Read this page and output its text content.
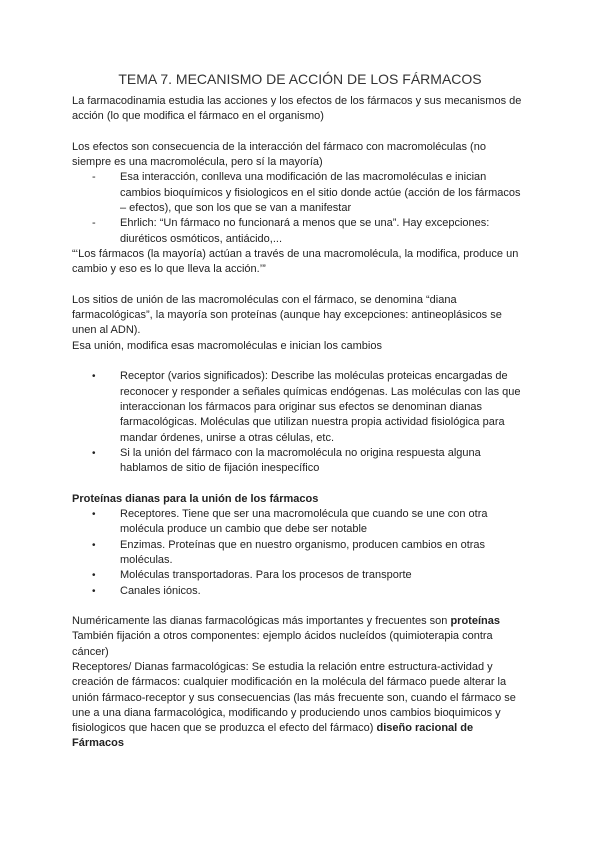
TEMA 7. MECANISMO DE ACCIÓN DE LOS FÁRMACOS

La farmacodinamia estudia las acciones y los efectos de los fármacos y sus mecanismos de acción (lo que modifica el fármaco en el organismo)

Los efectos son consecuencia de la interacción del fármaco con macromoléculas (no siempre es una macromolécula, pero sí la mayoría)

- Esa interacción, conlleva una modificación de las macromoléculas e inician cambios bioquímicos y fisiologicos en el sitio donde actúe (acción de los fármacos – efectos), que son los que se van a manifestar
- Ehrlich: “Un fármaco no funcionará a menos que se una”. Hay excepciones: diuréticos osmóticos, antiácido,...

“‘Los fármacos (la mayoría) actúan a través de una macromolécula, la modifica, produce un cambio y eso es lo que lleva la acción.’”

Los sitios de unión de las macromoléculas con el fármaco, se denomina “diana farmacológicas”, la mayoría son proteínas (aunque hay excepciones: antineoplásicos se unen al ADN).

Esa unión, modifica esas macromoléculas e inician los cambios

• Receptor (varios significados): Describe las moléculas proteicas encargadas de reconocer y responder a señales químicas endógenas. Las moléculas con las que interaccionan los fármacos para originar sus efectos se denominan dianas farmacológicas. Moléculas que utilizan nuestra propia actividad fisiológica para mandar órdenes, unirse a otras células, etc.
• Si la unión del fármaco con la macromolécula no origina respuesta alguna hablamos de sitio de fijación inespecífico

Proteínas dianas para la unión de los fármacos

• Receptores. Tiene que ser una macromolécula que cuando se une con otra molécula produce un cambio que debe ser notable
• Enzimas. Proteínas que en nuestro organismo, producen cambios en otras moléculas.
• Moléculas transportadoras. Para los procesos de transporte
• Canales iónicos.

Numéricamente las dianas farmacológicas más importantes y frecuentes son proteínas

También fijación a otros componentes: ejemplo ácidos nucleídos (quimioterapia contra cáncer)

Receptores/ Dianas farmacológicas: Se estudia la relación entre estructura-actividad y creación de fármacos: cualquier modificación en la molécula del fármaco puede alterar la unión fármaco-receptor y sus consecuencias (las más frecuente son, cuando el fármaco se une a una diana farmacológica, modificando y produciendo unos cambios bioquimicos y fisiologicos que hacen que se produzca el efecto del fármaco) diseño racional de Fármacos
